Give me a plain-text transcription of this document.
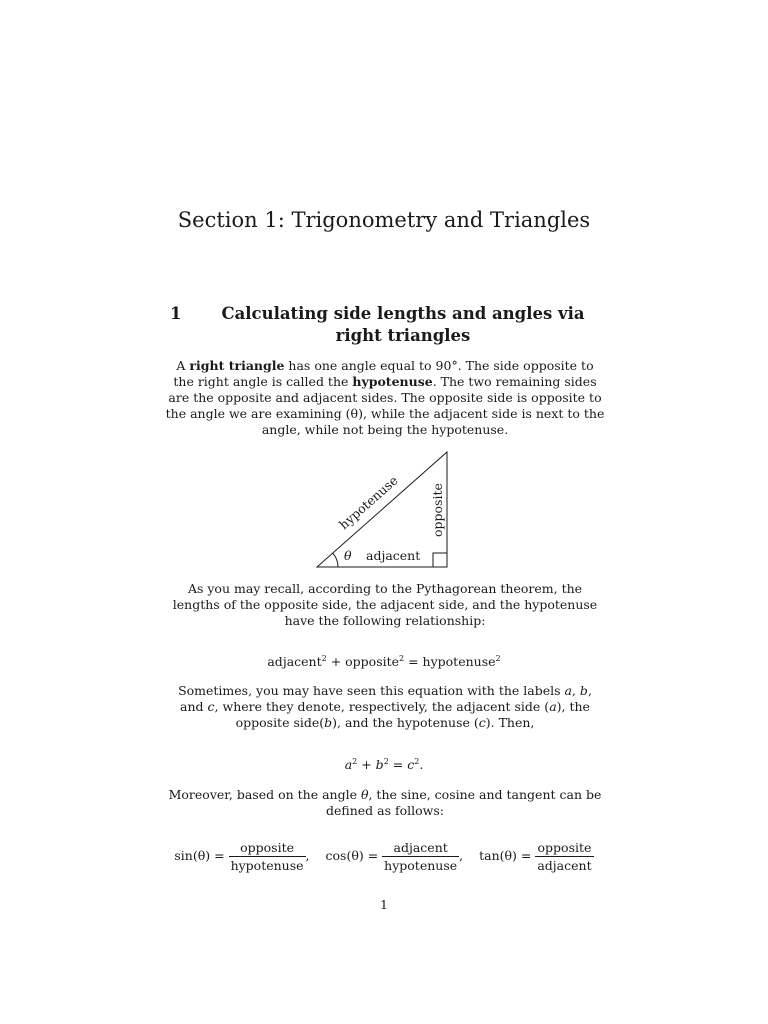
Section 1: Trigonometry and Triangles
1	Calculating side lengths and angles via right triangles
A right triangle has one angle equal to 90°. The side opposite to the right angle is called the hypotenuse. The two remaining sides are the opposite and adjacent sides. The opposite side is opposite to the angle we are examining (θ), while the adjacent side is next to the angle, while not being the hypotenuse.
θ adjacent
opposite
hypotenuse
As you may recall, according to the Pythagorean theorem, the lengths of the opposite side, the adjacent side, and the hypotenuse have the following relationship:
adjacent$^2$ + opposite$^2$ = hypotenuse$^2$
Sometimes, you may have seen this equation with the labels a, b, and c, where they denote, respectively, the adjacent side (a), the opposite side(b), and the hypotenuse (c). Then,
$a^2 + b^2 = c^2$.
Moreover, based on the angle θ, the sine, cosine and tangent can be defined as follows:
$\sin(\theta) = \frac{\text{opposite}}{\text{hypotenuse}}$ , $\cos(\theta) = \frac{\text{adjacent}}{\text{hypotenuse}}$ , $\tan(\theta) = \frac{\text{opposite}}{\text{adjacent}}$
1
